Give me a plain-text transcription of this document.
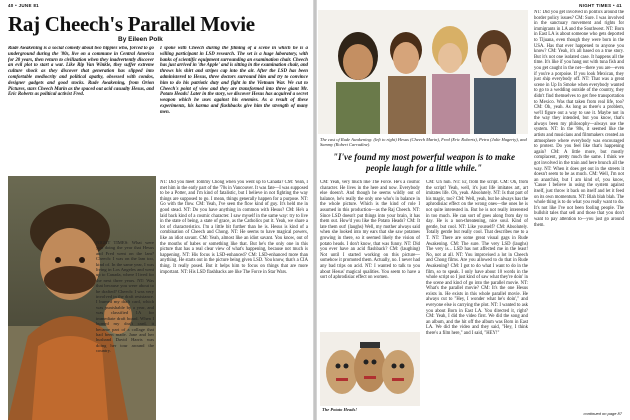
40 • JUNE 81
Raj Cheech's Parallel Movie
By Eileen Polk
Rude Awakening is a social comedy about two hippies who, forced to go underground during the '80s, live on a commune in Central America for 20 years, then return to civilization when they inadvertently discover an evil plot to start a war. Like Rip Van Winkle, they suffer extreme culture shock as they discover that generation has slipped into comfortable mediocrity and political apathy, obsessed with condos, designer gadgets and good stocks. Rude Awakening, from Orion Pictures, stars Cheech Marin as the spaced out acid casualty Hesus, and Eric Roberts as political activist Fred.
I spoke with Cheech during the filming of a scene in which he is a willing participant in LSD research. The set is a huge laboratory, with banks of scientific equipment surrounding an examination chair. Cheech has just arrived in 'the Apple' and is sitting in the examination chair, and throws his shirt and stripes cap into the air. After the LSD has been administered to Hesus, three doctors surround him and try to convince him to do his patriotic duty and fight in the Vietnam War. We cut to Cheech's point of view and they are transformed into three giant Mr. Potato Heads! Later in the story, we discover Hesus has acquired a secret weapon which he uses against his enemies. As a result of these experiments, his karma and flashbacks give him the strength of many men.
NIGHT TIMES: What were you doing the year that Hesus and Fred went on the lam? Cheech: I was on the lam too, kind of. In the same year, I was living in Los Angeles and went up to Canada, where I lived for the next three years. NT: Was that because you were about to be drafted? Cheech: I was very involved in the draft resistance. I burned my draft card, which was punishable by a year, and was classified 1A for immediate draft board. When I burned my draft card, it became part of a collage that had been made. Jane and her husband David Harris was doing her tour around the country.
NT: Did you meet Tommy Chong when you went up to Canada? CM: Yeah, I met him in the early part of the '70s in Vancouver. It was fate—I was supposed to be a Potter, and I'm kind of fatalistic, but I believe in not fighting the way things are supposed to go. I mean, things generally happen for a purpose. NT: Go with the flow. CM: Yeah, I've seen the flow kind of guy. It's held me in good stead. NT: Do you have anything in common with Hesus? CM: He's a laid back kind of a cosmic character. I saw myself in the same way: try to live in the state of being, a state of grace, as the Catholics put it. Yeah, we share a lot of characteristics. I'm a little bit further than he is. Hesus is kind of a combination of Cheech and Chong. NT: He seems to have magical powers, like an idiot savant. CM: Yeah, almost like an idiot savant. You know, out of the mouths of babes or something like that. But he's the only one in this picture that has a real clear view of what's happening, because not much is happening. NT: His focus is LSD-enhanced? CM: LSD-enhanced more than anything. He starts out in the picture being given LSD. You know, that's a CIA thing. It really posed. But it helps him to focus on things that are more important. NT: His LSD flashbacks are like The Force in Star Wars.
NIGHT TIMES • 41
NT: Did you get involved in politics around the border policy issues? CM: Sure. I was involved in the sanctuary movement and rights for immigrants in LA and the Southwest. NT: Born in East LA is about someone who gets deported to Tijuana, even though they were born in the USA. Has that ever happened to anyone you know? CM: Yeah, it's all based on a true story. But it's not one isolated case. It happens all the time. It's like if you hang out with tuna fish and you get caught in the net—there you are—even if you're a porpoise. If you look Mexican, they just ship everybody off. NT: That was a great scene in Up In Smoke when everybody wanted to go to a wedding outside of the country, they didn't find themselves to get free transportation to Mexico. Was that taken from real life, too? CM: Oh, yeah. As long as there's a problem, we'll figure out a way to use it. Maybe not in the way they intended, but you know, that's always been my philosophy—always use the system. NT: In the '80s, it seemed like the artists and musicians and filmmakers created an atmosphere where everybody was encouraged to protest. Do you feel like that's happening again? CM: A little more, but mostly complacent, pretty much the same. I think we got involved in the train and here brunch all the way. NT: When it does get out in the streets it doesn't seem to be as much. CM: Well, I'm not an anarchist, but I am kind of, you know, 'Cause I believe in using the system against itself, just throw it back on itself and let it feed on its own momentum. NT: Blah blah blah. The whole thing is to do what you really want to do. It's not like I've not been fooling people. The bullshit tales that sell and those that you don't want to pay attention to—you just go around them.
The cast of Rude Awakening: (left to right) Hesus (Cheech Marin), Fred (Eric Roberts), Petra (Julie Hagerty), and Sammy (Robert Carradine).
"I've found my most powerful weapon is to make people laugh for a little while."
CM: Yeah, very much like The Force. He's a cosmic character. He lives in the here and now. Everybody else doesn't. And though he seems wildly out of balance, he's really the only one who's in balance in the whole picture. Which is the kind of role I assumed in this production—as the Raj Cheech. NT: Since LSD doesn't put things into your brain, it has them out. How'd you like the Potato Heads? CM: It late them out! (laughs) Well, my mother always said when she looked into my ears that she saw potatoes growing in there, so it seemed likely the vision of potato heads. I don't know, that was funny. NT: Did you ever have an acid flashback? CM: (laughing) Not until I started working on this picture—somehow it promoted them. Actually, no. I never had any bad trips on acid. NT: I wanted to talk to you about Hesus' magical qualities. You seem to have a sort of aphrodisiac effect on women.
CM: Uh huh. NT: Er, from the script. CM: Oh, from the script! Yeah, well, it's just life imitates art, art imitates life. Oh, yeah. Absolutely. NT: Is that part of his magic, too? CM: Well, yeah, but he always has the aphrodisiac effect on the wrong ones—the ones he is not quite interested in. But he is not really interested in too much. He can sort of goes along from day to day. He is a non-threatening, nice soul. Kind of gentle, but cool. NT: Like yourself? CM: Absolutely. Totally gentle but really cool. That describes me to a T. NT: There are some great visual gags in Rude Awakening. CM: The sure. The very LSD (laughs) The very is... LSD has not affected me in the least! No, not at all. NT: You improvised a lot in Cheech and Chong films. Are you allowed to do that in Rude Awakening? CM: I got to do what I want to do in the film, so to speak. I only have about 10 words in the whole script so I just kind of saw what they're doin' in the scene and kind of go into the parallel movie. NT: What's the parallel movie? CM: It's the one Hesus exists in. He exists in this whole parallel movie. He always cut to "Hey, I wonder what he's doin'," and everyone else is carrying the plot. NT: I wanted to ask you about Born in East LA. You directed it, right? CM: Yeah, I did the video first. We did the song and an album, and the hit off the album was Born in East LA. We did the video and they said, "Hey, I think there's a film here," and I said, "HEY!"
The Potato Heads!
continued on page 87
